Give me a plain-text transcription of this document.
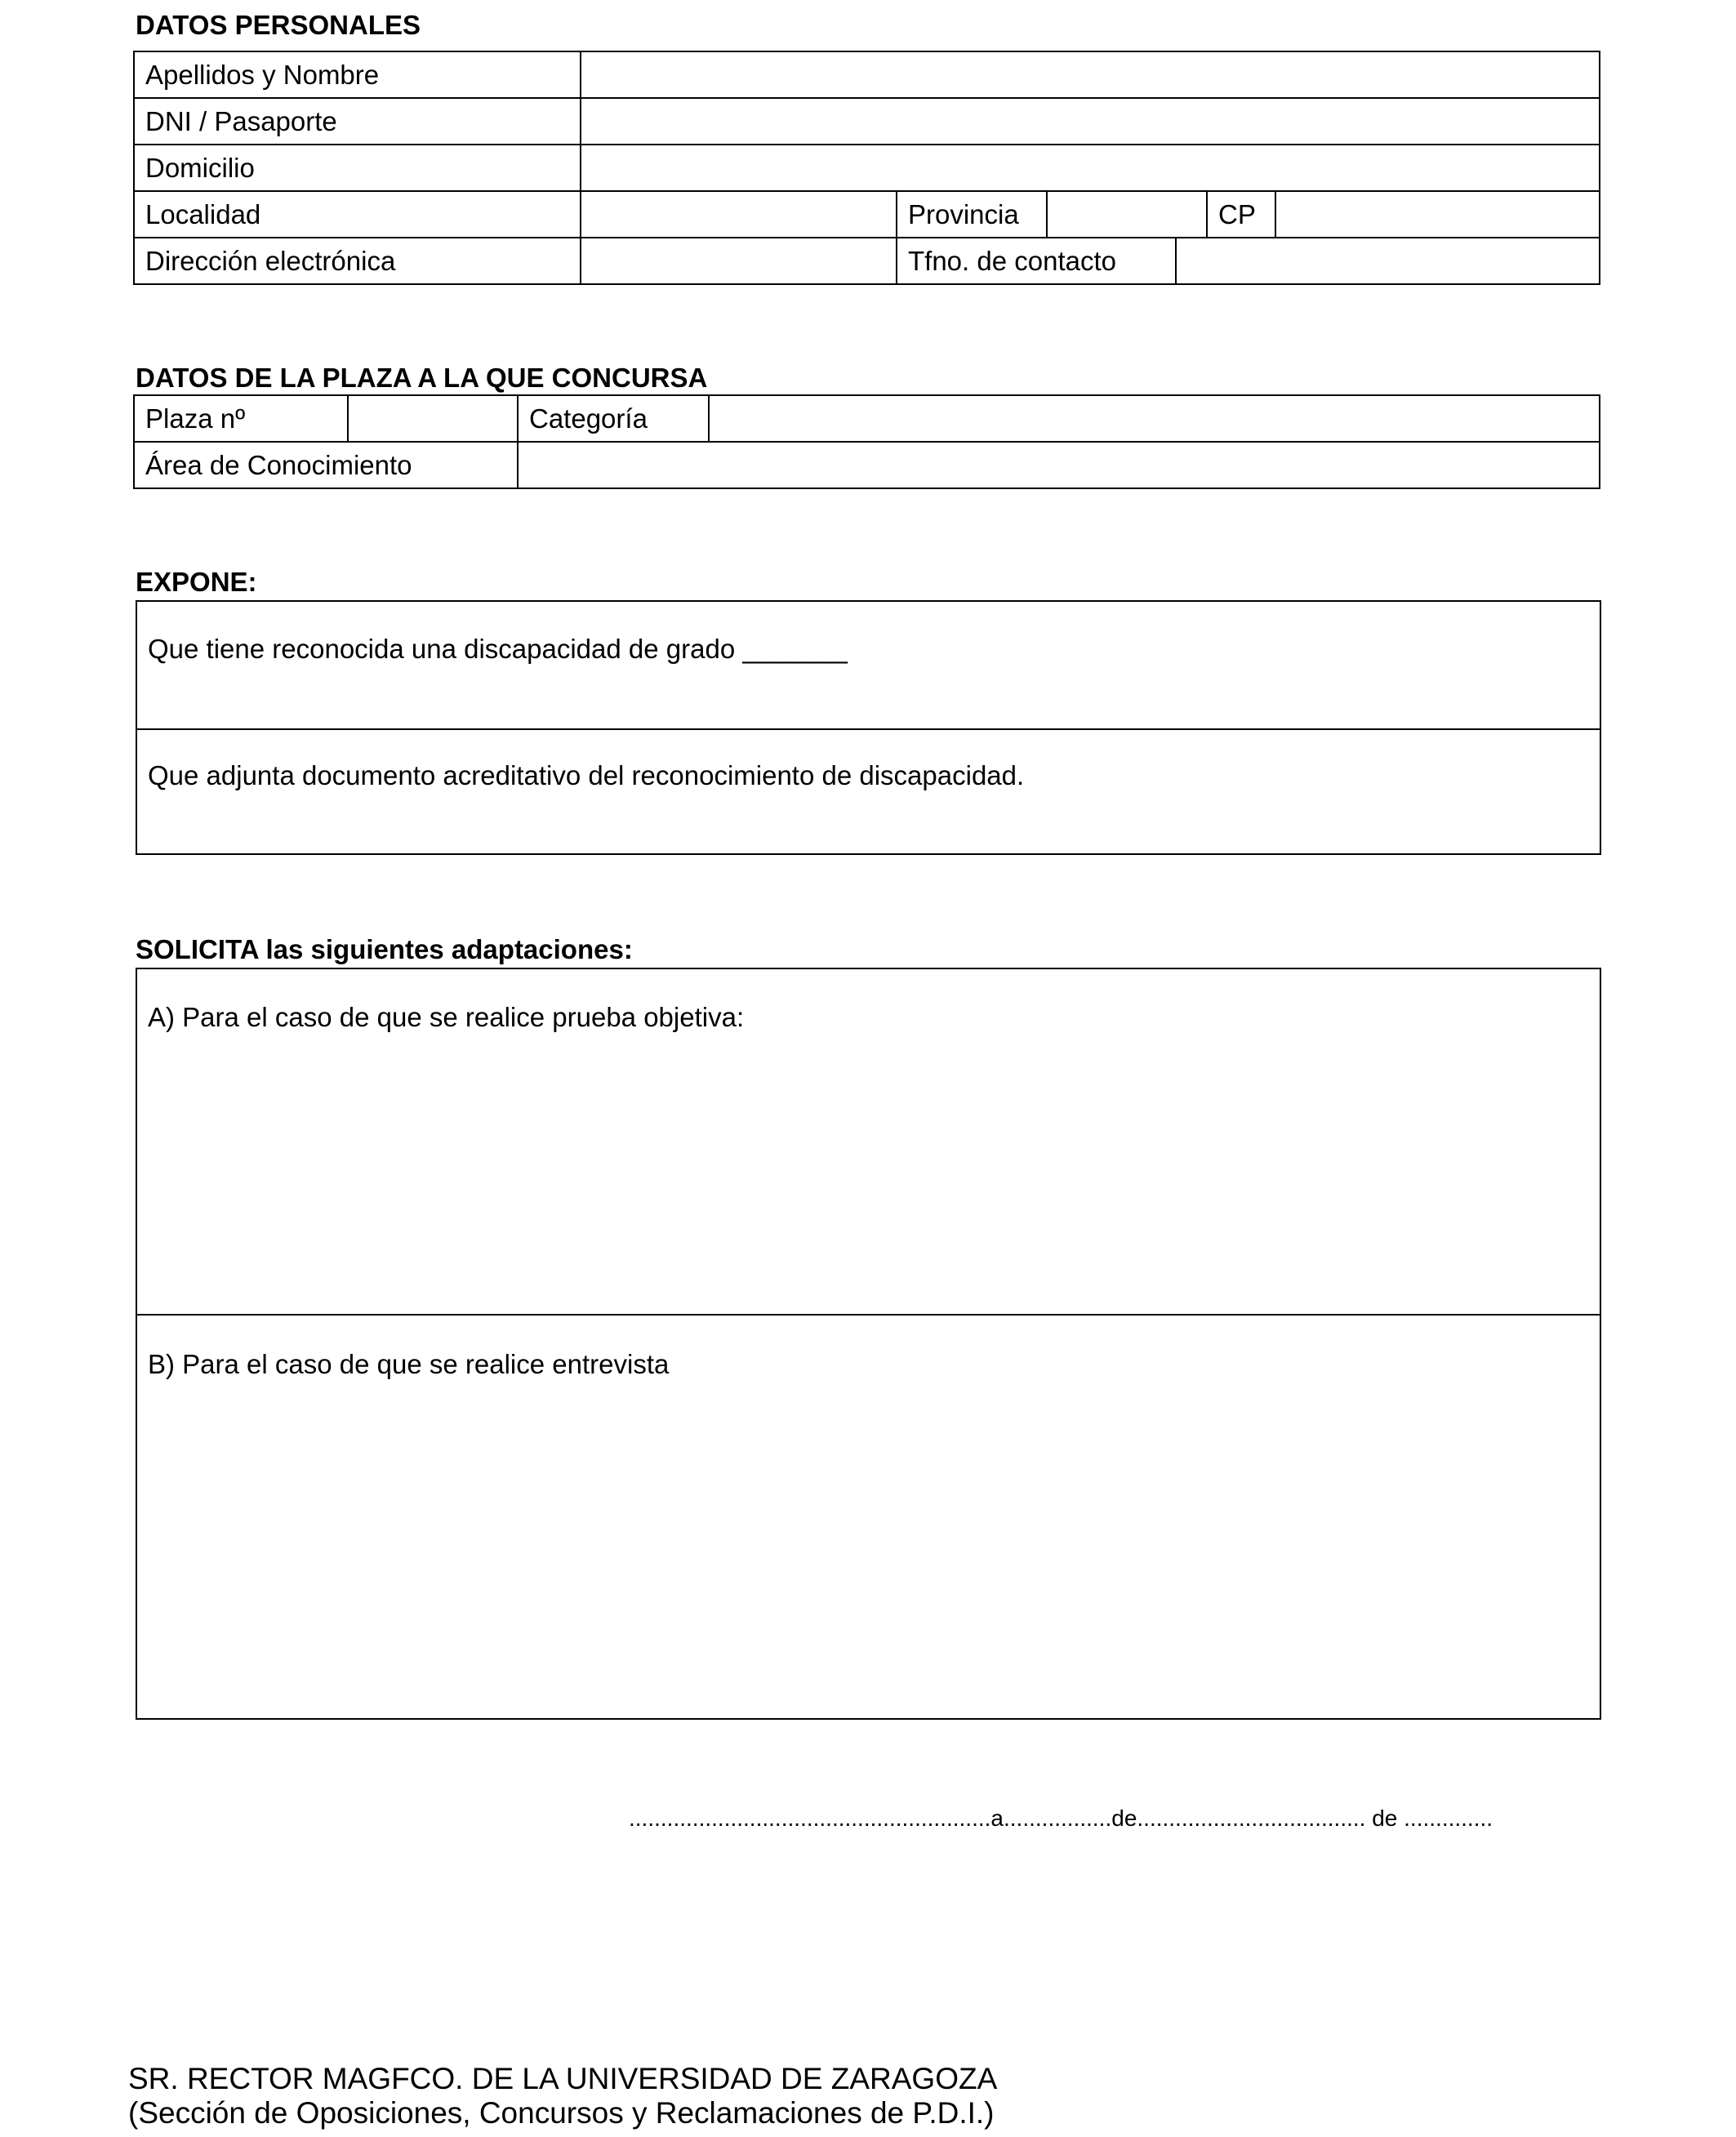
DATOS PERSONALES
Apellidos y Nombre						
DNI / Pasaporte						
Domicilio						
Localidad		Provincia			CP	
Dirección electrónica		Tfno. de contacto				
DATOS DE LA PLAZA A LA QUE CONCURSA
Plaza nº		Categoría	
Área de Conocimiento			
EXPONE:
Que tiene reconocida una discapacidad de grado _______
Que adjunta documento acreditativo del reconocimiento de discapacidad.
SOLICITA las siguientes adaptaciones:
A) Para el caso de que se realice prueba objetiva:
B) Para el caso de que se realice entrevista
.........................................................a.................de.................................... de ..............
SR. RECTOR MAGFCO. DE LA UNIVERSIDAD DE ZARAGOZA
(Sección de Oposiciones, Concursos y Reclamaciones de P.D.I.)
